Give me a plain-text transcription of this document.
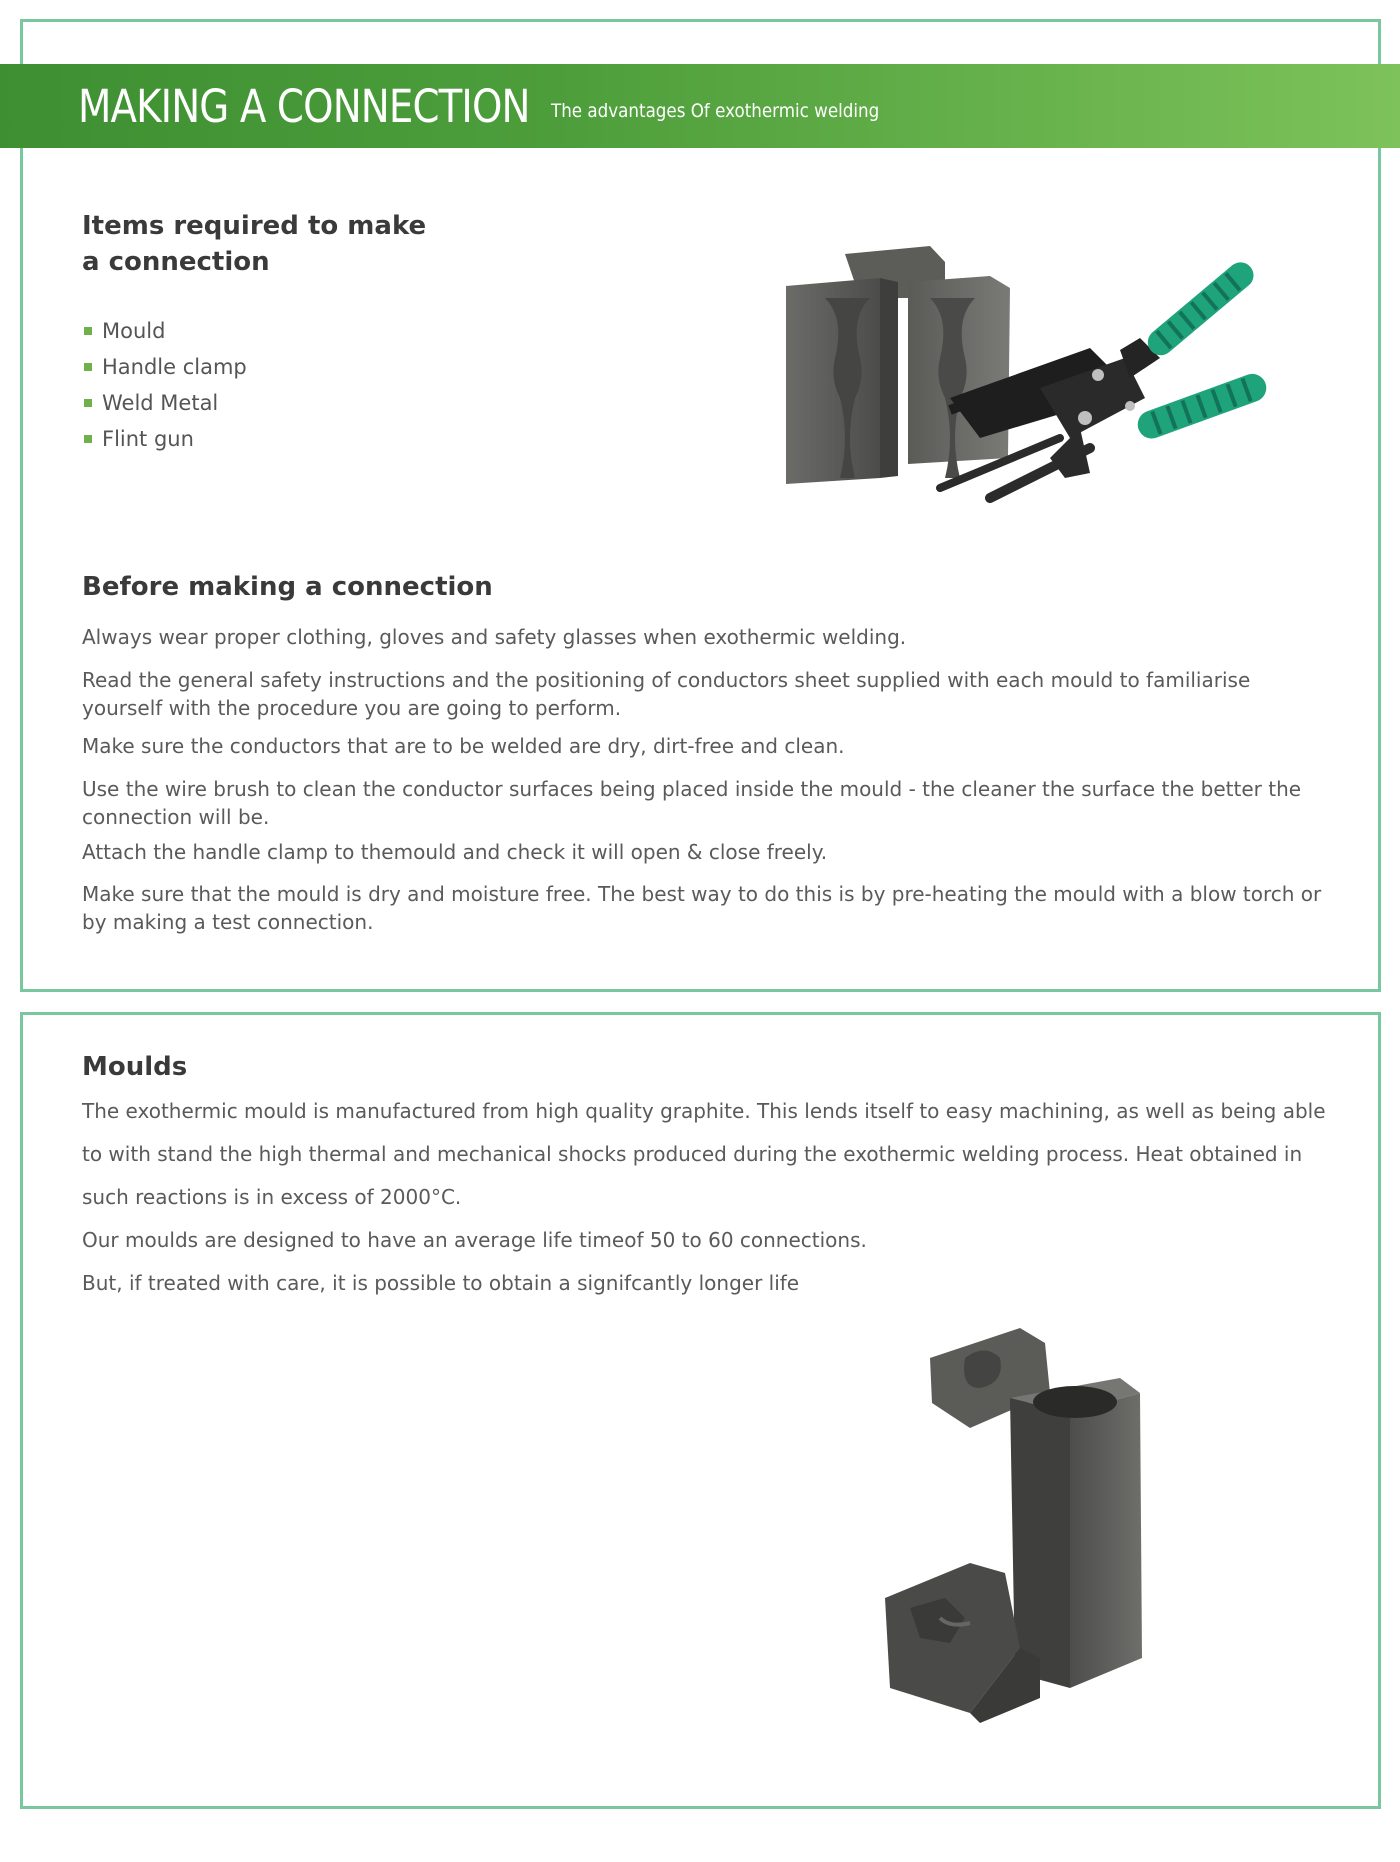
MAKING A CONNECTION The advantages Of exothermic welding
Items required to make a connection
Mould
Handle clamp
Weld Metal
Flint gun
Before making a connection

Always wear proper clothing, gloves and safety glasses when exothermic welding.

Read the general safety instructions and the positioning of conductors sheet supplied with each mould to familiarise yourself with the procedure you are going to perform.

Make sure the conductors that are to be welded are dry, dirt-free and clean.

Use the wire brush to clean the conductor surfaces being placed inside the mould - the cleaner the surface the better the connection will be.

Attach the handle clamp to themould and check it will open & close freely.

Make sure that the mould is dry and moisture free. The best way to do this is by pre-heating the mould with a blow torch or by making a test connection.

Moulds

The exothermic mould is manufactured from high quality graphite. This lends itself to easy machining, as well as being able to with stand the high thermal and mechanical shocks produced during the exothermic welding process. Heat obtained in such reactions is in excess of 2000°C.

Our moulds are designed to have an average life timeof 50 to 60 connections.

But, if treated with care, it is possible to obtain a signifcantly longer life
